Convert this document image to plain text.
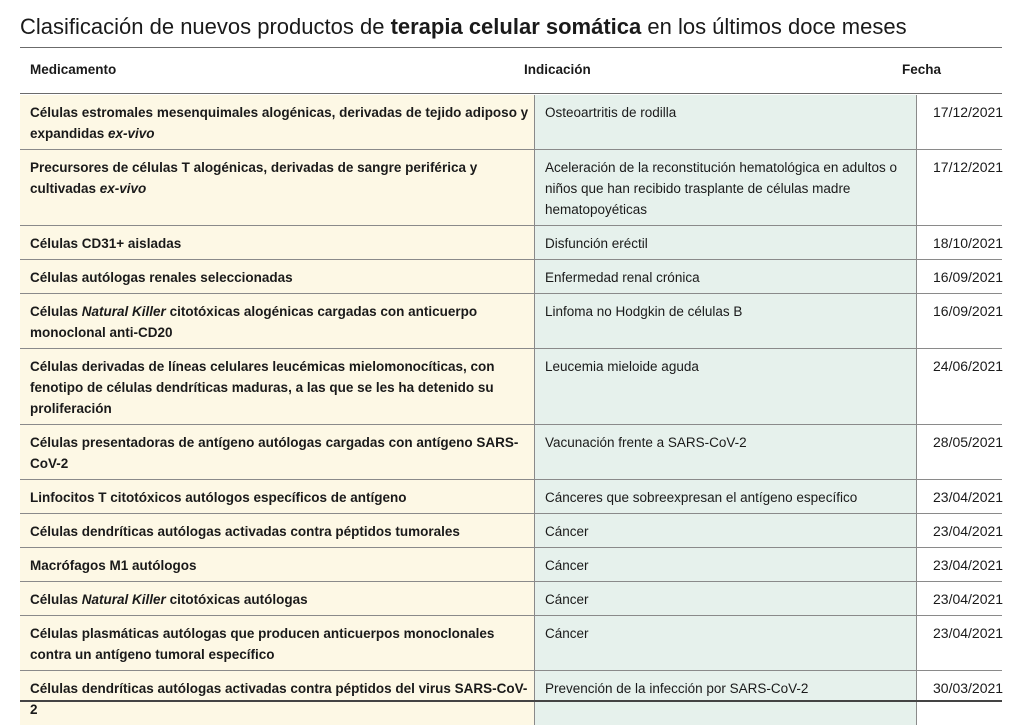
Clasificación de nuevos productos de terapia celular somática en los últimos doce meses
Medicamento	Indicación	Fecha
Células estromales mesenquimales alogénicas, derivadas de tejido adiposo y expandidas ex-vivo	Osteoartritis de rodilla	17/12/2021
Precursores de células T alogénicas, derivadas de sangre periférica y cultivadas ex-vivo	Aceleración de la reconstitución hematológica en adultos o niños que han recibido trasplante de células madre hematopoyéticas	17/12/2021
Células CD31+ aisladas	Disfunción eréctil	18/10/2021
Células autólogas renales seleccionadas	Enfermedad renal crónica	16/09/2021
Células Natural Killer citotóxicas alogénicas cargadas con anticuerpo monoclonal anti-CD20	Linfoma no Hodgkin de células B	16/09/2021
Células derivadas de líneas celulares leucémicas mielomonocíticas, con fenotipo de células dendríticas maduras, a las que se les ha detenido su proliferación	Leucemia mieloide aguda	24/06/2021
Células presentadoras de antígeno autólogas cargadas con antígeno SARS-CoV-2	Vacunación frente a SARS-CoV-2	28/05/2021
Linfocitos T citotóxicos autólogos específicos de antígeno	Cánceres que sobreexpresan el antígeno específico	23/04/2021
Células dendríticas autólogas activadas contra péptidos tumorales	Cáncer	23/04/2021
Macrófagos M1 autólogos	Cáncer	23/04/2021
Células Natural Killer citotóxicas autólogas	Cáncer	23/04/2021
Células plasmáticas autólogas que producen anticuerpos monoclonales contra un antígeno tumoral específico	Cáncer	23/04/2021
Células dendríticas autólogas activadas contra péptidos del virus SARS-CoV-2	Prevención de la infección por SARS-CoV-2	30/03/2021
